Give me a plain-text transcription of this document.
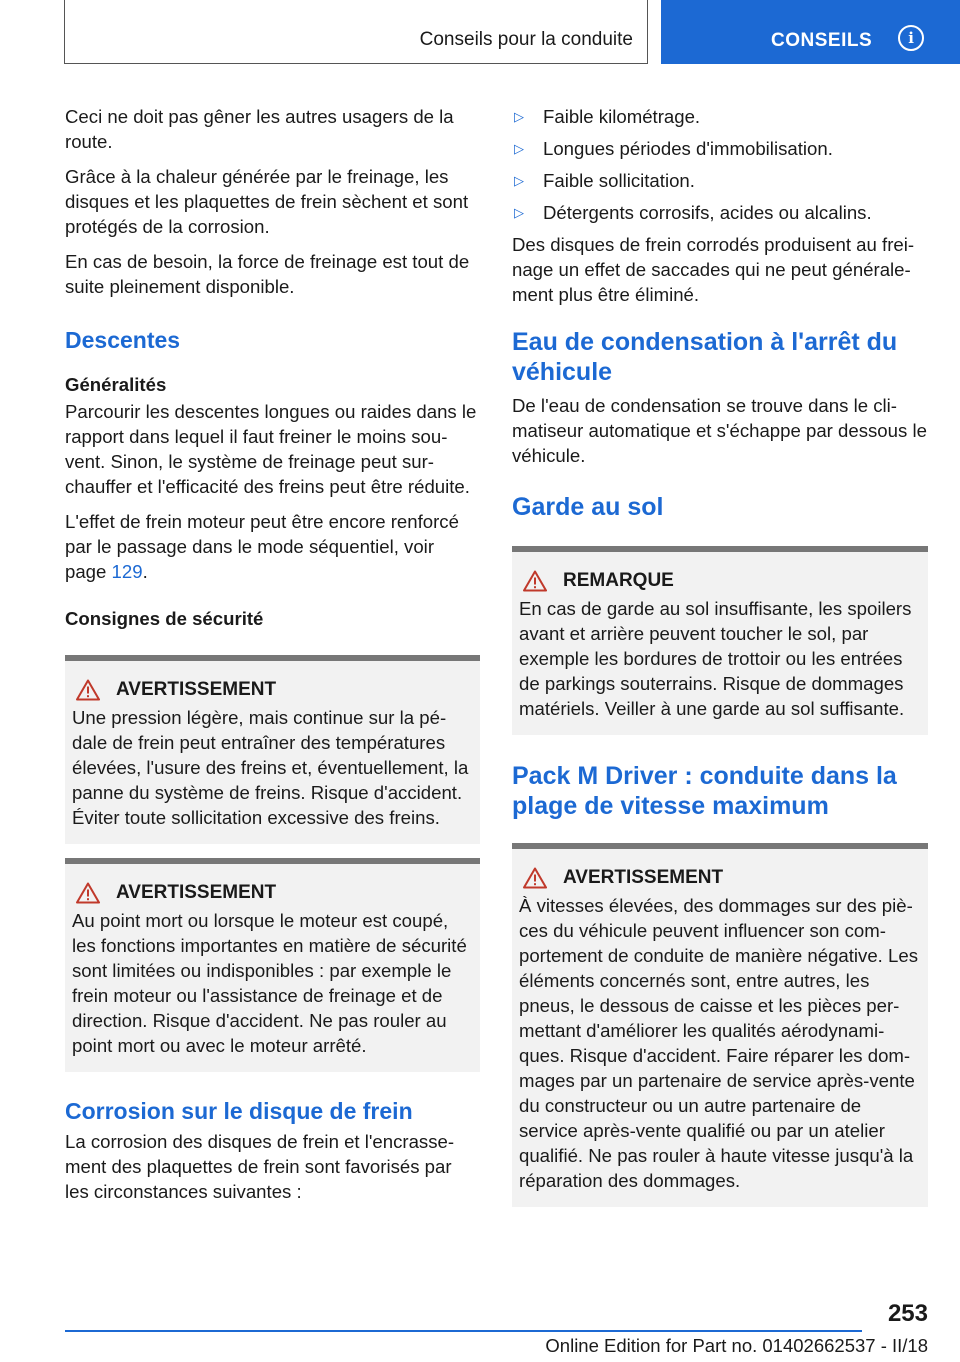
Conseils pour la conduite	CONSEILS	i

Ceci ne doit pas gêner les autres usagers de la route.

Grâce à la chaleur générée par le freinage, les disques et les plaquettes de frein sèchent et sont protégés de la corrosion.

En cas de besoin, la force de freinage est tout de suite pleinement disponible.

Descentes
Généralités

Parcourir les descentes longues ou raides dans le rapport dans lequel il faut freiner le moins souvent. Sinon, le système de freinage peut surchauffer et l'efficacité des freins peut être réduite.

L'effet de frein moteur peut être encore renforcé par le passage dans le mode séquentiel, voir page 129.

Consignes de sécurité
AVERTISSEMENT

Une pression légère, mais continue sur la pédale de frein peut entraîner des températures élevées, l'usure des freins et, éventuellement, la panne du système de freins. Risque d'accident. Éviter toute sollicitation excessive des freins.

AVERTISSEMENT

Au point mort ou lorsque le moteur est coupé, les fonctions importantes en matière de sécurité sont limitées ou indisponibles : par exemple le frein moteur ou l'assistance de freinage et de direction. Risque d'accident. Ne pas rouler au point mort ou avec le moteur arrêté.

Corrosion sur le disque de frein

La corrosion des disques de frein et l'encrassement des plaquettes de frein sont favorisés par les circonstances suivantes :

▷	Faible kilométrage.
▷	Longues périodes d'immobilisation.
▷	Faible sollicitation.
▷	Détergents corrosifs, acides ou alcalins.

Des disques de frein corrodés produisent au freinage un effet de saccades qui ne peut généralement plus être éliminé.

Eau de condensation à l'arrêt du véhicule

De l'eau de condensation se trouve dans le climatiseur automatique et s'échappe par dessous le véhicule.

Garde au sol
REMARQUE

En cas de garde au sol insuffisante, les spoilers avant et arrière peuvent toucher le sol, par exemple les bordures de trottoir ou les entrées de parkings souterrains. Risque de dommages matériels. Veiller à une garde au sol suffisante.

Pack M Driver : conduite dans la plage de vitesse maximum
AVERTISSEMENT

À vitesses élevées, des dommages sur des pièces du véhicule peuvent influencer son comportement de conduite de manière négative. Les éléments concernés sont, entre autres, les pneus, le dessous de caisse et les pièces permettant d'améliorer les qualités aérodynamiques. Risque d'accident. Faire réparer les dommages par un partenaire de service après-vente du constructeur ou un autre partenaire de service après-vente qualifié ou par un atelier qualifié. Ne pas rouler à haute vitesse jusqu'à la réparation des dommages.

253
Online Edition for Part no. 01402662537 - II/18
